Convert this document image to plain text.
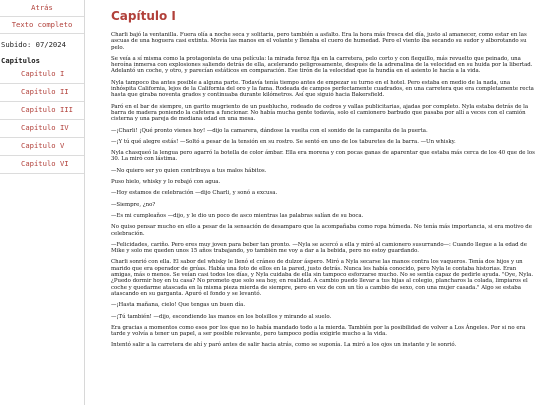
Atrás
Texto completo
Subido: 07/2024
Capítulos
Capítulo I
Capítulo II
Capítulo III
Capítulo IV
Capítulo V
Capítulo VI
Capítulo I

Charli bajó la ventanilla. Fuera olía a noche seca y solitaria, pero también a asfalto. Era la hora más fresca del día, justo al amanecer, como estar en las ascuas de una hoguera casi extinta. Movía las manos en el volante y llenaba el cuero de humedad. Pero el viento iba secando su sudor y alborotando su pelo.

Se veía a sí misma como la protagonista de una película: la mirada feroz fija en la carretera, pelo corto y con flequillo, más revuelto que peinado, una heroína inmersa con explosiones saliendo detrás de ella, acelerando peligrosamente, después de la adrenalina de la velocidad en su huida por la libertad. Adelantó un coche, y otro, y parecían estáticos en comparación. Ese tirón de la velocidad que la hundía en el asiento le hacía a la vida.

Nyla tampoco iba antes posible a alguna parte. Todavía tenía tiempo antes de empezar su turno en el hotel. Pero estaba en medio de la nada, una inhóspita California, lejos de la California del oro y la fama. Rodeada de campos perfectamente cuadrados, en una carretera que era completamente recta hasta que giraba noventa grados y continuaba durante kilómetros. Así que siguió hacia Bakersfield.

Paró en el bar de siempre, un garito mugriento de un pueblucho, rodeado de cedros y vallas publicitarias, ajadas por completo. Nyla estaba detrás de la barra de madera poniendo la cafetera a funcionar. No había mucha gente todavía, solo el camionero barbudo que pasaba por allí a veces con el camión cisterna y una pareja de mediana edad en una mesa.

—¡Charli! ¡Qué pronto vienes hoy! —dijo la camarera, dándose la vuelta con el sonido de la campanita de la puerta.

—¡Y tú qué alegre estás! —Soltó a pesar de la tensión en su rostro. Se sentó en uno de los taburetes de la barra. —Un whisky.

Nyla chasqueó la lengua pero agarró la botella de color ámbar. Ella era morena y con pocas ganas de aparentar que estaba más cerca de los 40 que de los 30. La miró con lástima.

—No quiero ser yo quien contribuya a tus malos hábitos.

Puso hielo, whisky y lo rebajó con agua.

—Hoy estamos de celebración —dijo Charli, y sonó a excusa.

—Siempre, ¿no?

—Es mi cumpleaños —dijo, y le dio un poco de asco mientras las palabras salían de su boca.

No quiso pensar mucho en ello a pesar de la sensación de desamparo que la acompañaba como ropa húmeda. No tenía más importancia, si era motivo de celebración.

—Felicidades, cariño. Pero eres muy joven para beber tan pronto. —Nyla se acercó a ella y miró al camionero susurrando—: Cuando llegue a la edad de Mike y solo me queden unos 15 años trabajando, yo también me voy a dar a la bebida, pero no estoy guardando.

Charli sonrió con ella. El sabor del whisky le llenó el cráneo de dulzor áspero. Miró a Nyla secarse las manos contra los vaqueros. Tenía dos hijos y un marido que era operador de grúas. Había una foto de ellos en la pared, justo detrás. Nunca les había conocido, pero Nyla le contaba historias. Eran amigas, más o menos. Se veían casi todos los días, y Nyla cuidaba de ella sin tampoco esforzarse mucho. No se sentía capaz de pedirle ayuda. "Oye, Nyla. ¿Puedo dormir hoy en tu casa? No prometo que solo sea hoy, en realidad. A cambio puedo llevar a tus hijas al colegio, plancharos la colada, limpiaros el coche y quedarme atascada en la misma pieza mierda de siempre, pero en vez de con un tío a cambio de sexo, con una mujer casada." Algo se estaba atascando en su garganta. Apuró el fondo y se levantó.

—¡Hasta mañana, cielo! Que tengas un buen día.

—¡Tú también! —dijo, escondiendo las manos en los bolsillos y mirando al suelo.

Era gracias a momentos como esos por los que no lo había mandado todo a la mierda. También por la posibilidad de volver a Los Ángeles. Por si no era tarde y volvía a tener un papel, a ser posible relevante, pero tampoco podía exigirle mucho a la vida.

Intentó salir a la carretera de ahí y paró antes de salir hacia atrás, como se suponía. La miró a los ojos un instante y le sonrió.
